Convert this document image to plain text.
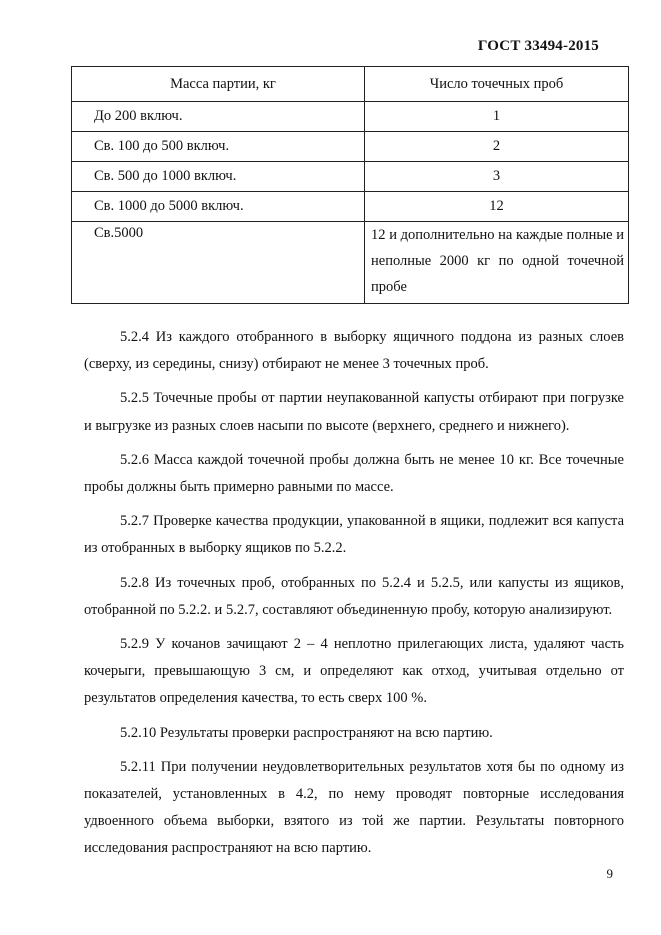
ГОСТ 33494-2015
Масса партии, кг	Число точечных проб
До 200 включ.	1
Св. 100 до 500 включ.	2
Св. 500 до 1000 включ.	3
Св. 1000 до 5000 включ.	12
Св.5000	12 и дополнительно на каждые полные и неполные 2000 кг по одной точечной пробе

5.2.4 Из каждого отобранного в выборку ящичного поддона из разных слоев (сверху, из середины, снизу) отбирают не менее 3 точечных проб.

5.2.5 Точечные пробы от партии неупакованной капусты отбирают при погрузке и выгрузке из разных слоев насыпи по высоте (верхнего, среднего и нижнего).

5.2.6 Масса каждой точечной пробы должна быть не менее 10 кг. Все точечные пробы должны быть примерно равными по массе.

5.2.7 Проверке качества продукции, упакованной в ящики, подлежит вся капуста из отобранных в выборку ящиков по 5.2.2.

5.2.8 Из точечных проб, отобранных по 5.2.4 и 5.2.5, или капусты из ящиков, отобранной по 5.2.2. и 5.2.7, составляют объединенную пробу, которую анализируют.

5.2.9 У кочанов зачищают 2 – 4 неплотно прилегающих листа, удаляют часть кочерыги, превышающую 3 см, и определяют как отход, учитывая отдельно от результатов определения качества, то есть сверх 100 %.

5.2.10 Результаты проверки распространяют на всю партию.

5.2.11 При получении неудовлетворительных результатов хотя бы по одному из показателей, установленных в 4.2, по нему проводят повторные исследования удвоенного объема выборки, взятого из той же партии. Результаты повторного исследования распространяют на всю партию.

9
